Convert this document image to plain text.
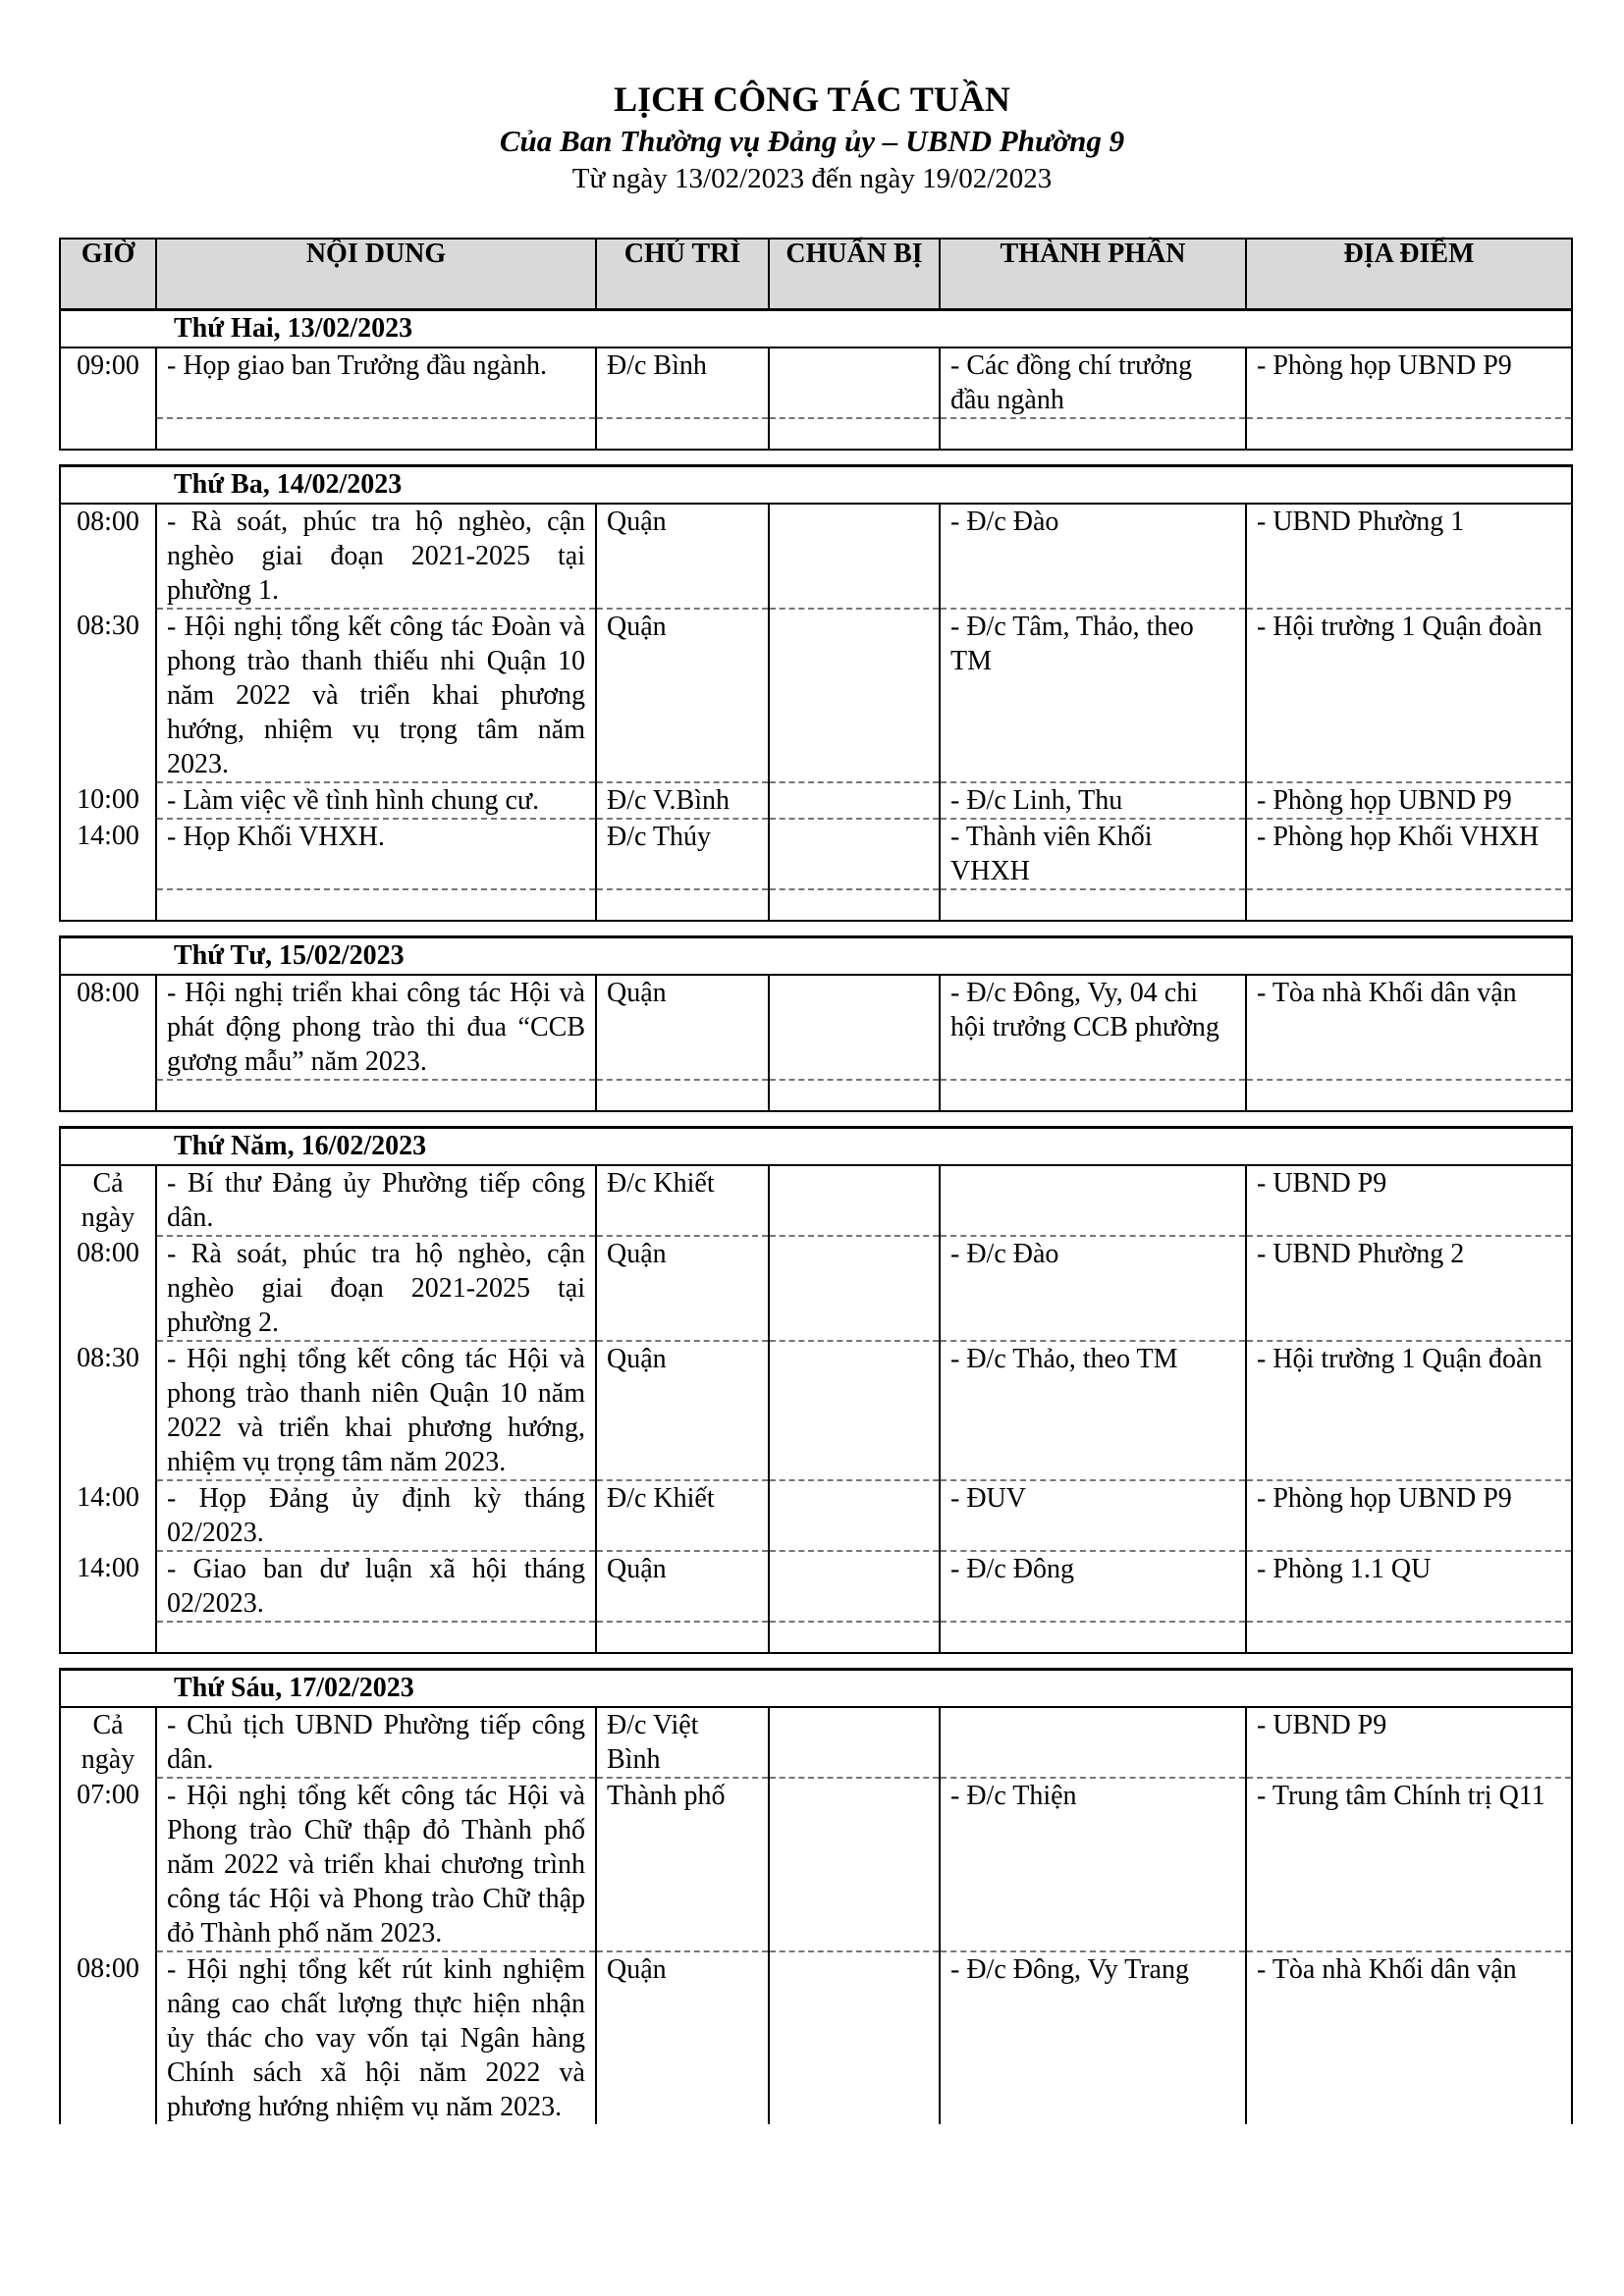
LỊCH CÔNG TÁC TUẦN
Của Ban Thường vụ Đảng ủy – UBND Phường 9
Từ ngày 13/02/2023 đến ngày 19/02/2023
GIỜ	NỘI DUNG	CHỦ TRÌ	CHUẨN BỊ	THÀNH PHẦN	ĐỊA ĐIỂM
Thứ Hai, 13/02/2023					
09:00	- Họp giao ban Trưởng đầu ngành.	Đ/c Bình		- Các đồng chí trưởng đầu ngành	- Phòng họp UBND P9

Thứ Ba, 14/02/2023					
08:00	- Rà soát, phúc tra hộ nghèo, cận nghèo giai đoạn 2021-2025 tại phường 1.	Quận		- Đ/c Đào	- UBND Phường 1
08:30	- Hội nghị tổng kết công tác Đoàn và phong trào thanh thiếu nhi Quận 10 năm 2022 và triển khai phương hướng, nhiệm vụ trọng tâm năm 2023.	Quận		- Đ/c Tâm, Thảo, theo TM	- Hội trường 1 Quận đoàn
10:00	- Làm việc về tình hình chung cư.	Đ/c V.Bình		- Đ/c Linh, Thu	- Phòng họp UBND P9
14:00	- Họp Khối VHXH.	Đ/c Thúy		- Thành viên Khối VHXH	- Phòng họp Khối VHXH

Thứ Tư, 15/02/2023					
08:00	- Hội nghị triển khai công tác Hội và phát động phong trào thi đua “CCB gương mẫu” năm 2023.	Quận		- Đ/c Đông, Vy, 04 chi hội trưởng CCB phường	- Tòa nhà Khối dân vận

Thứ Năm, 16/02/2023					
Cả ngày	- Bí thư Đảng ủy Phường tiếp công dân.	Đ/c Khiết			- UBND P9
08:00	- Rà soát, phúc tra hộ nghèo, cận nghèo giai đoạn 2021-2025 tại phường 2.	Quận		- Đ/c Đào	- UBND Phường 2
08:30	- Hội nghị tổng kết công tác Hội và phong trào thanh niên Quận 10 năm 2022 và triển khai phương hướng, nhiệm vụ trọng tâm năm 2023.	Quận		- Đ/c Thảo, theo TM	- Hội trường 1 Quận đoàn
14:00	- Họp Đảng ủy định kỳ tháng 02/2023.	Đ/c Khiết		- ĐUV	- Phòng họp UBND P9
14:00	- Giao ban dư luận xã hội tháng 02/2023.	Quận		- Đ/c Đông	- Phòng 1.1 QU

Thứ Sáu, 17/02/2023					
Cả ngày	- Chủ tịch UBND Phường tiếp công dân.	Đ/c Việt Bình			- UBND P9
07:00	- Hội nghị tổng kết công tác Hội và Phong trào Chữ thập đỏ Thành phố năm 2022 và triển khai chương trình công tác Hội và Phong trào Chữ thập đỏ Thành phố năm 2023.	Thành phố		- Đ/c Thiện	- Trung tâm Chính trị Q11
08:00	- Hội nghị tổng kết rút kinh nghiệm nâng cao chất lượng thực hiện nhận ủy thác cho vay vốn tại Ngân hàng Chính sách xã hội năm 2022 và phương hướng nhiệm vụ năm 2023.	Quận		- Đ/c Đông, Vy Trang	- Tòa nhà Khối dân vận
